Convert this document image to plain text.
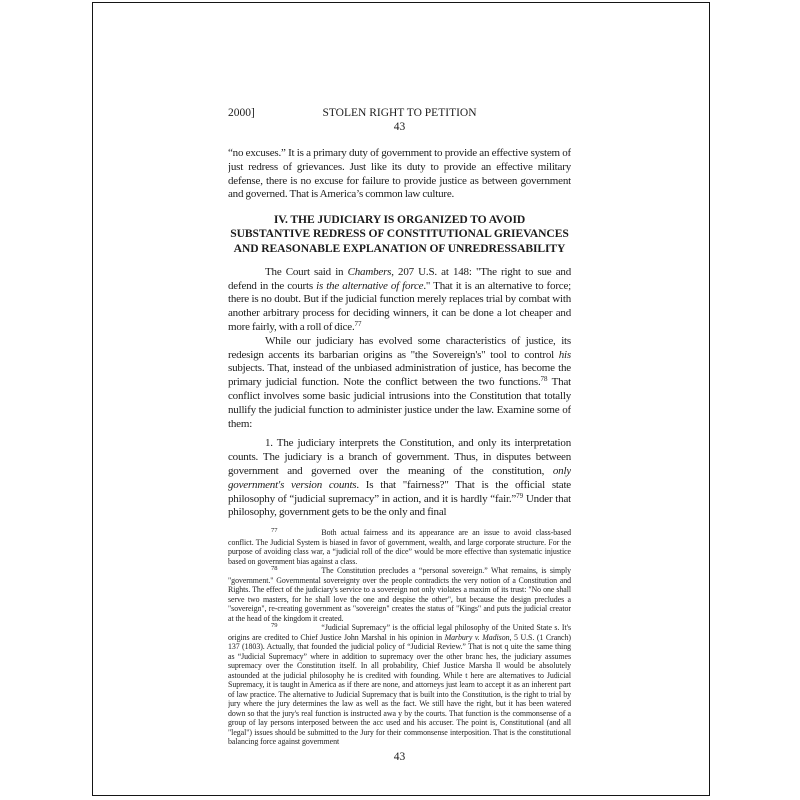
2000]	STOLEN RIGHT TO PETITION
43

“no excuses.” It is a primary duty of government to provide an effective system of just redress of grievances. Just like its duty to provide an effective military defense, there is no excuse for failure to provide justice as between government and governed. That is America’s common law culture.

IV. THE JUDICIARY IS ORGANIZED TO AVOID
SUBSTANTIVE REDRESS OF CONSTITUTIONAL GRIEVANCES
AND REASONABLE EXPLANATION OF UNREDRESSABILITY

The Court said in Chambers, 207 U.S. at 148: "The right to sue and defend in the courts is the alternative of force." That it is an alternative to force; there is no doubt. But if the judicial function merely replaces trial by combat with another arbitrary process for deciding winners, it can be done a lot cheaper and more fairly, with a roll of dice.$^{77}$

While our judiciary has evolved some characteristics of justice, its redesign accents its barbarian origins as "the Sovereign's" tool to control his subjects. That, instead of the unbiased administration of justice, has become the primary judicial function. Note the conflict between the two functions.$^{78}$ That conflict involves some basic judicial intrusions into the Constitution that totally nullify the judicial function to administer justice under the law. Examine some of them:

1. The judiciary interprets the Constitution, and only its interpretation counts. The judiciary is a branch of government. Thus, in disputes between government and governed over the meaning of the constitution, only government's version counts. Is that "fairness?" That is the official state philosophy of “judicial supremacy” in action, and it is hardly “fair.”$^{79}$ Under that philosophy, government gets to be the only and final

$^{77}$	Both actual fairness and its appearance are an issue to avoid class-based conflict. The Judicial System is biased in favor of government, wealth, and large corporate structure. For the purpose of avoiding class war, a “judicial roll of the dice” would be more effective than systematic injustice based on government bias against a class.

$^{78}$	The Constitution precludes a “personal sovereign.” What remains, is simply "government." Governmental sovereignty over the people contradicts the very notion of a Constitution and Rights. The effect of the judiciary's service to a sovereign not only violates a maxim of its trust: "No one shall serve two masters, for he shall love the one and despise the other", but because the design precludes a "sovereign", re-creating government as "sovereign" creates the status of "Kings" and puts the judicial creator at the head of the kingdom it created.

$^{79}$	“Judicial Supremacy” is the official legal philosophy of the United State s. It's origins are credited to Chief Justice John Marshal in his opinion in Marbury v. Madison, 5 U.S. (1 Cranch) 137 (1803). Actually, that founded the judicial policy of “Judicial Review.” That is not q uite the same thing as “Judicial Supremacy” where in addition to supremacy over the other branc hes, the judiciary assumes supremacy over the Constitution itself. In all probability, Chief Justice Marsha ll would be absolutely astounded at the judicial philosophy he is credited with founding. While t here are alternatives to Judicial Supremacy, it is taught in America as if there are none, and attorneys just learn to accept it as an inherent part of law practice. The alternative to Judicial Supremacy that is built into the Constitution, is the right to trial by jury where the jury determines the law as well as the fact. We still have the right, but it has been watered down so that the jury's real function is instructed awa y by the courts. That function is the commonsense of a group of lay persons interposed between the acc used and his accuser. The point is, Constitutional (and all "legal") issues should be submitted to the Jury for their commonsense interposition. That is the constitutional balancing force against government

43
